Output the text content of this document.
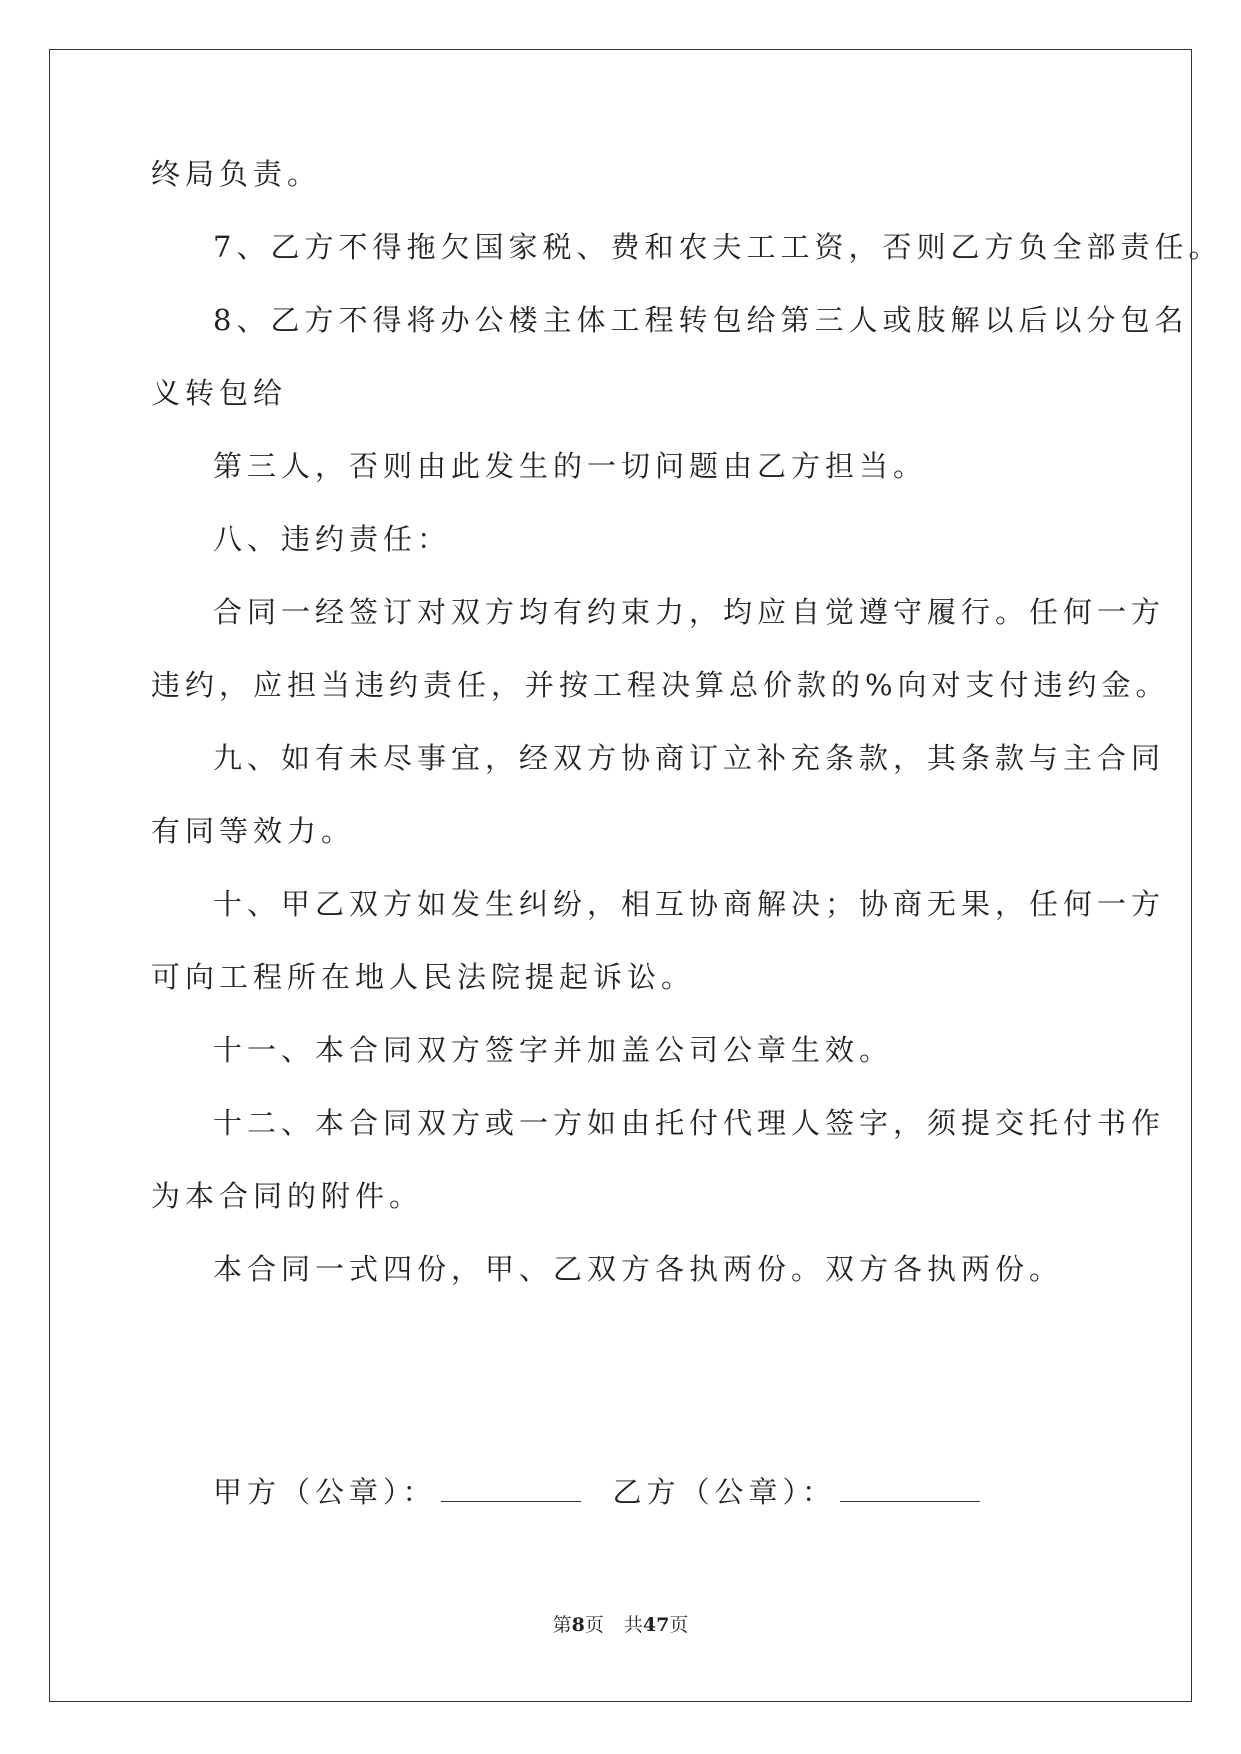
终局负责。
7、乙方不得拖欠国家税、费和农夫工工资，否则乙方负全部责任。
8、乙方不得将办公楼主体工程转包给第三人或肢解以后以分包名
义转包给
第三人，否则由此发生的一切问题由乙方担当。
八、违约责任：
合同一经签订对双方均有约束力，均应自觉遵守履行。任何一方
违约，应担当违约责任，并按工程决算总价款的%向对支付违约金。
九、如有未尽事宜，经双方协商订立补充条款，其条款与主合同
有同等效力。
十、甲乙双方如发生纠纷，相互协商解决；协商无果，任何一方
可向工程所在地人民法院提起诉讼。
十一、本合同双方签字并加盖公司公章生效。
十二、本合同双方或一方如由托付代理人签字，须提交托付书作
为本合同的附件。
本合同一式四份，甲、乙双方各执两份。双方各执两份。
甲方（公章）：	乙方（公章）：
第8页 共47页
